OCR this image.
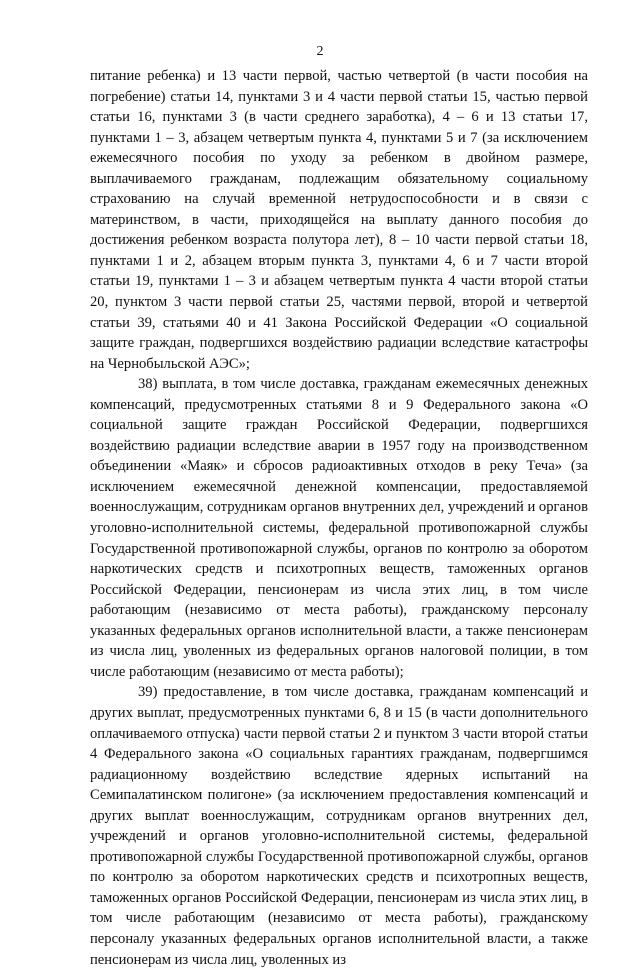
2

питание ребенка) и 13 части первой, частью четвертой (в части пособия на погребение) статьи 14, пунктами 3 и 4 части первой статьи 15, частью первой статьи 16, пунктами 3 (в части среднего заработка), 4 – 6 и 13 статьи 17, пунктами 1 – 3, абзацем четвертым пункта 4, пунктами 5 и 7 (за исключением ежемесячного пособия по уходу за ребенком в двойном размере, выплачиваемого гражданам, подлежащим обязательному социальному страхованию на случай временной нетрудоспособности и в связи с материнством, в части, приходящейся на выплату данного пособия до достижения ребенком возраста полутора лет), 8 – 10 части первой статьи 18, пунктами 1 и 2, абзацем вторым пункта 3, пунктами 4, 6 и 7 части второй статьи 19, пунктами 1 – 3 и абзацем четвертым пункта 4 части второй статьи 20, пунктом 3 части первой статьи 25, частями первой, второй и четвертой статьи 39, статьями 40 и 41 Закона Российской Федерации «О социальной защите граждан, подвергшихся воздействию радиации вследствие катастрофы на Чернобыльской АЭС»;

38) выплата, в том числе доставка, гражданам ежемесячных денежных компенсаций, предусмотренных статьями 8 и 9 Федерального закона «О социальной защите граждан Российской Федерации, подвергшихся воздействию радиации вследствие аварии в 1957 году на производственном объединении «Маяк» и сбросов радиоактивных отходов в реку Теча» (за исключением ежемесячной денежной компенсации, предоставляемой военнослужащим, сотрудникам органов внутренних дел, учреждений и органов уголовно-исполнительной системы, федеральной противопожарной службы Государственной противопожарной службы, органов по контролю за оборотом наркотических средств и психотропных веществ, таможенных органов Российской Федерации, пенсионерам из числа этих лиц, в том числе работающим (независимо от места работы), гражданскому персоналу указанных федеральных органов исполнительной власти, а также пенсионерам из числа лиц, уволенных из федеральных органов налоговой полиции, в том числе работающим (независимо от места работы);

39) предоставление, в том числе доставка, гражданам компенсаций и других выплат, предусмотренных пунктами 6, 8 и 15 (в части дополнительного оплачиваемого отпуска) части первой статьи 2 и пунктом 3 части второй статьи 4 Федерального закона «О социальных гарантиях гражданам, подвергшимся радиационному воздействию вследствие ядерных испытаний на Семипалатинском полигоне» (за исключением предоставления компенсаций и других выплат военнослужащим, сотрудникам органов внутренних дел, учреждений и органов уголовно-исполнительной системы, федеральной противопожарной службы Государственной противопожарной службы, органов по контролю за оборотом наркотических средств и психотропных веществ, таможенных органов Российской Федерации, пенсионерам из числа этих лиц, в том числе работающим (независимо от места работы), гражданскому персоналу указанных федеральных органов исполнительной власти, а также пенсионерам из числа лиц, уволенных из
